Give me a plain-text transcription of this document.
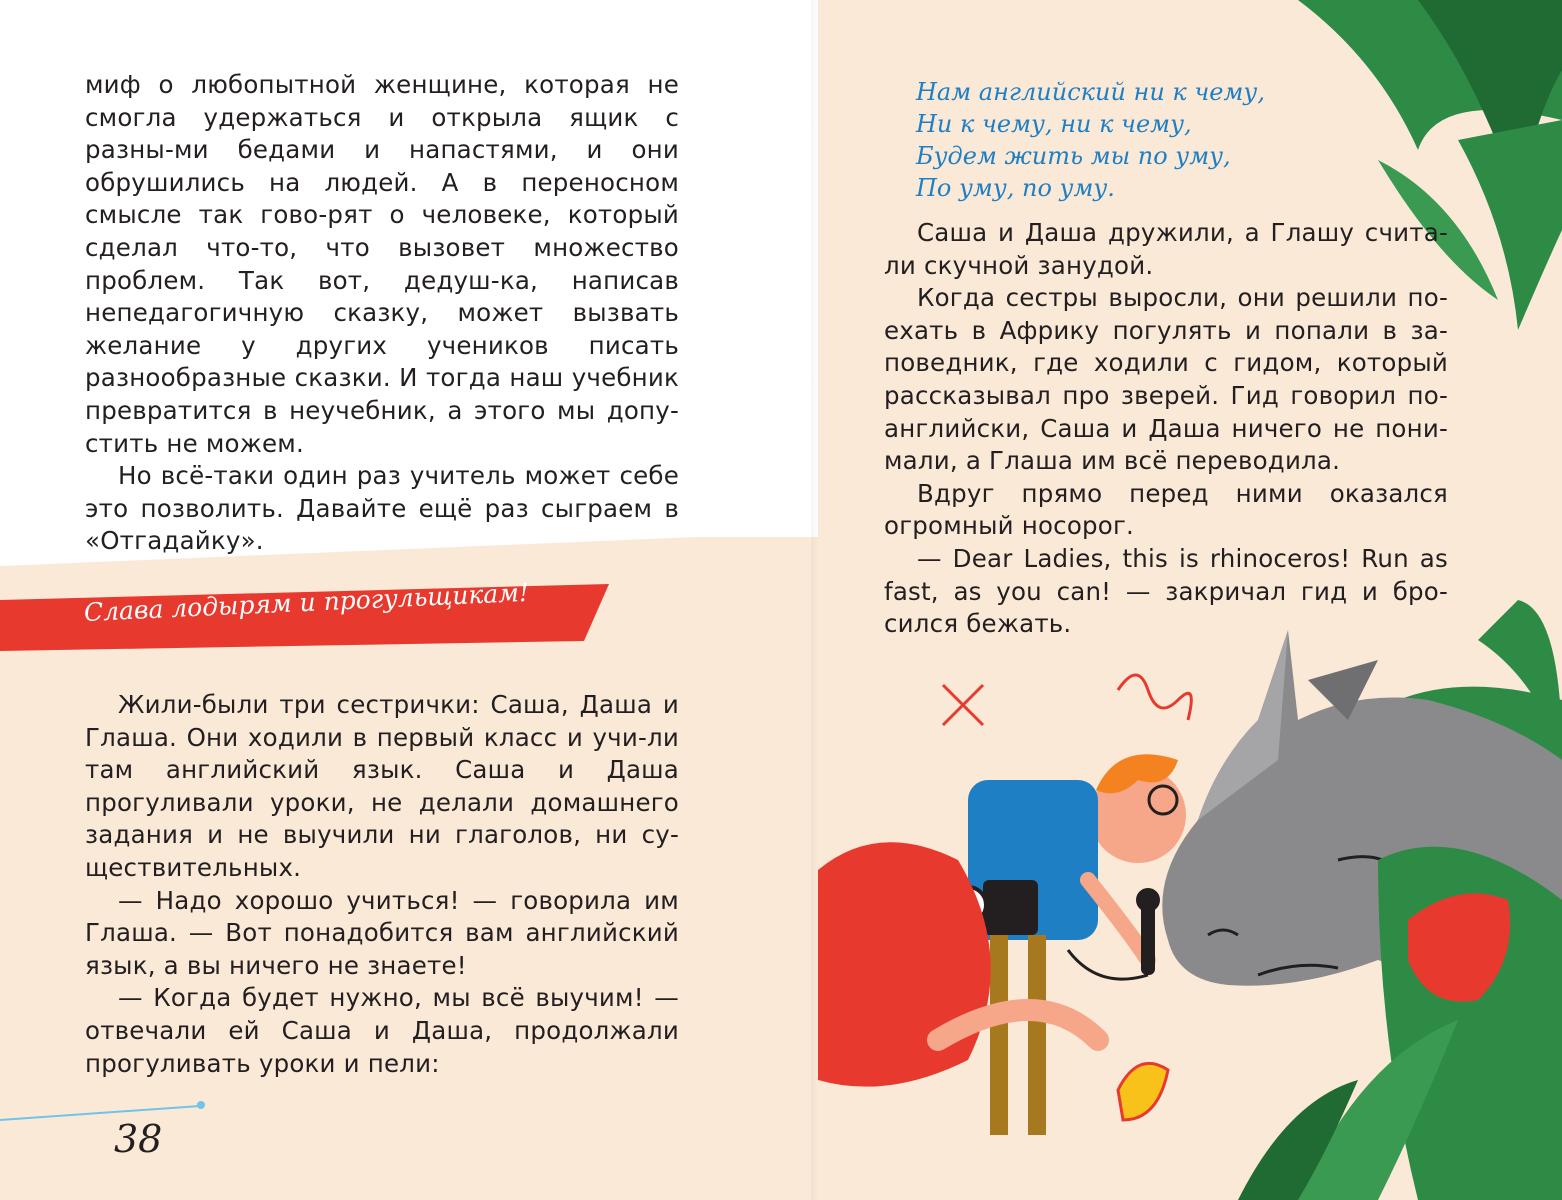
миф о любопытной женщине, которая не смогла удержаться и открыла ящик с разны-ми бедами и напастями, и они обрушились на людей. А в переносном смысле так гово-рят о человеке, который сделал что-то, что вызовет множество проблем. Так вот, дедуш-ка, написав непедагогичную сказку, может вызвать желание у других учеников писать разнообразные сказки. И тогда наш учебник превратится в неучебник, а этого мы допу-стить не можем.

Но всё-таки один раз учитель может себе это позволить. Давайте ещё раз сыграем в «Отгадайку».

Слава лодырям и прогульщикам!

Жили-были три сестрички: Саша, Даша и Глаша. Они ходили в первый класс и учи-ли там английский язык. Саша и Даша прогуливали уроки, не делали домашнего задания и не выучили ни глаголов, ни су-ществительных.

— Надо хорошо учиться! — говорила им Глаша. — Вот понадобится вам английский язык, а вы ничего не знаете!

— Когда будет нужно, мы всё выучим! — отвечали ей Саша и Даша, продолжали прогуливать уроки и пели:

38
Нам английский ни к чему,
Ни к чему, ни к чему,
Будем жить мы по уму,
По уму, по уму.

Саша и Даша дружили, а Глашу счита-ли скучной занудой.

Когда сестры выросли, они решили по-ехать в Африку погулять и попали в за-поведник, где ходили с гидом, который рассказывал про зверей. Гид говорил по-английски, Саша и Даша ничего не пони-мали, а Глаша им всё переводила.

Вдруг прямо перед ними оказался огромный носорог.

— Dear Ladies, this is rhinoceros! Run as fast, as you can! — закричал гид и бро-сился бежать.
